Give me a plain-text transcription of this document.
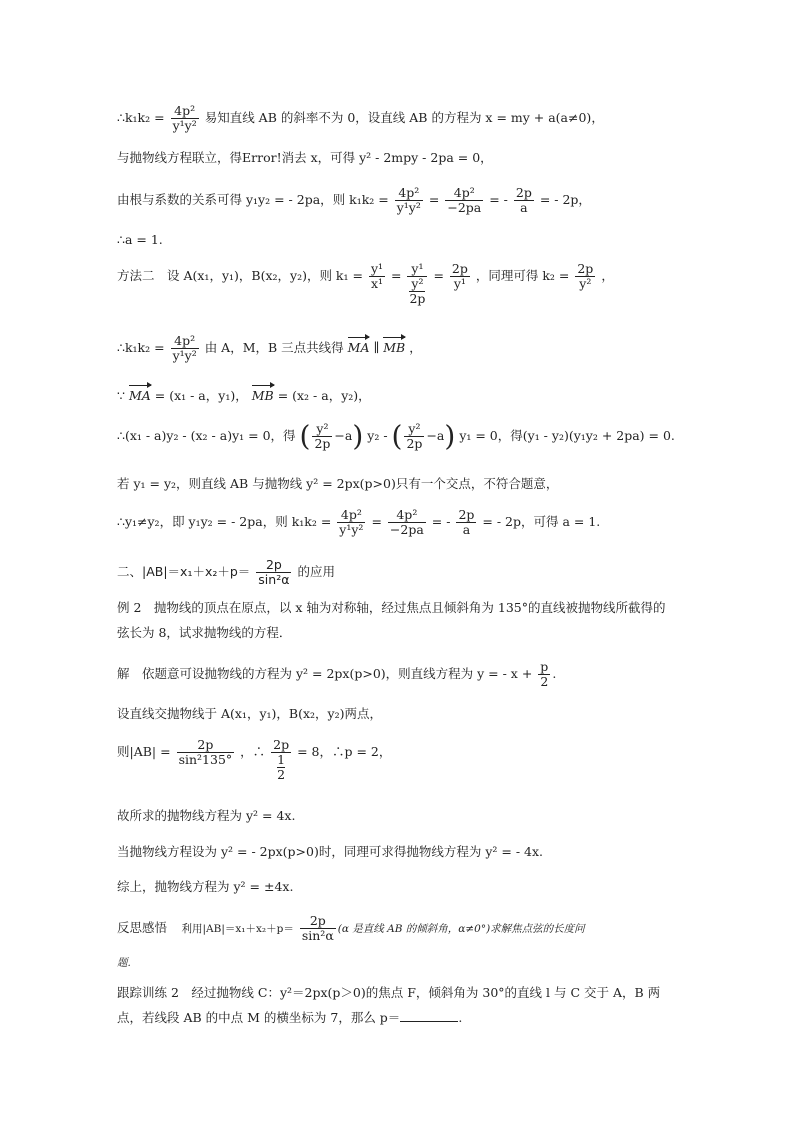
∴k₁k₂ = $\frac{\text{4p²}}{\text{y¹y²}}$ 易知直线 AB 的斜率不为 0，设直线 AB 的方程为 x = my + a(a≠0)，
与抛物线方程联立，得Error!消去 x，可得 y² - 2mpy - 2pa = 0，
由根与系数的关系可得 y₁y₂ = - 2pa，则 $k_1k_2 = \frac{\text{4p²}}{\text{y¹y²}} = \frac{\text{4p²}}{-2pa}$ = - $\frac{2p}{a}$ = - 2p，
∴a = 1.
方法二　设 A(x₁，y₁)，B(x₂，y₂)，则 $k_1 = \frac{\text{y¹}}{\text{x¹}} = \frac{\text{y¹}}{\frac{\text{y²}}{2p}} = \frac{2p}{\text{y¹}}$ ，同理可得 $k_2 = \frac{2p}{\text{y²}}$ ，
∴k₁k₂ = $\frac{\text{4p²}}{\text{y¹y²}}$ 由 A，M，B 三点共线得 MA ∥ MB ，
∵ MA = (x₁ - a，y₁)， MB = (x₂ - a，y₂)，
∴(x₁ - a)y₂ - (x₂ - a)y₁ = 0，得 ( $\frac{\text{y²}}{2p} -a$) y₂ - ( $\frac{\text{y²}}{2p} -a$) y₁ = 0，得(y₁ - y₂)(y₁y₂ + 2pa) = 0.
若 y₁ = y₂，则直线 AB 与抛物线 y² = 2px(p>0)只有一个交点，不符合题意，
∴y₁≠y₂，即 y₁y₂ = - 2pa，则 $k_1k_2 = \frac{\text{4p²}}{\text{y¹y²}} = \frac{\text{4p²}}{-2pa}$ = - $\frac{2p}{a}$ = - 2p，可得 a = 1.
二、$|AB|=x_1+x_2+p= \frac{2p}{\text{sin²α}}$ 的应用
例 2　抛物线的顶点在原点，以 x 轴为对称轴，经过焦点且倾斜角为 135°的直线被抛物线所截得的弦长为 8，试求抛物线的方程．
解　依题意可设抛物线的方程为 y² = 2px(p>0)，则直线方程为 y = - $x + \frac{p}{2}$ .
设直线交抛物线于 A(x₁，y₁)，B(x₂，y₂)两点，
则$|AB| = \frac{2p}{\text{sin²135°}}$ ，∴ $\frac{2p}{\frac{1}{2}} = 8$，∴p = 2，
故所求的抛物线方程为 y² = 4x.
当抛物线方程设为 y² = - 2px(p>0)时，同理可求得抛物线方程为 y² = - 4x.
综上，抛物线方程为 y² = ±4x.
反思感悟 　利用$|AB|=x_1+x_2+p= \frac{2p}{\text{sin²α}} (\alpha$ 是直线 AB 的倾斜角，α≠0°)求解焦点弦的长度问
题.
跟踪训练 2　经过抛物线 C：y²＝2px(p＞0)的焦点 F，倾斜角为 30°的直线 l 与 C 交于 A，B 两点，若线段 AB 的中点 M 的横坐标为 7，那么 p＝	.
